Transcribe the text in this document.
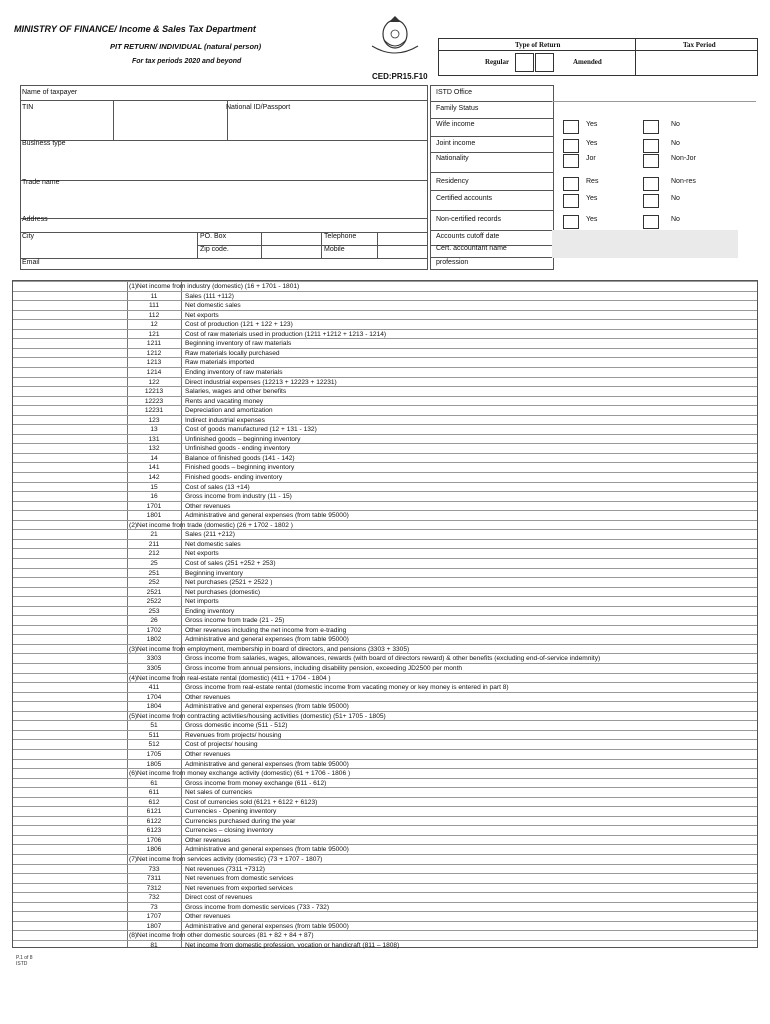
MINISTRY OF FINANCE/ Income & Sales Tax Department
PIT RETURN/ INDIVIDUAL (natural person)
For tax periods 2020 and beyond
CED:PR15.F10
Type of Return	Tax Period
Regular	Amended
Name of taxpayer
TIN	National ID/Passport
Business type
Trade name
Address
City	PO. Box
Zip code.
Telephone
Mobile
Email
ISTD Office
Family Status
Wife income	Yes	No
Joint income	Yes	No
Nationality	Jor	Non-Jor
Residency	Res	Non-res
Certified accounts	Yes	No
Non-certified records	Yes	No
Accounts cutoff date
Cert. accountant name
profession
(1)Net income from industry (domestic) (16 + 1701 - 1801)
11	Sales (111 +112)
111	Net domestic sales
112	Net exports
12	Cost of production (121 + 122 + 123)
121	Cost of raw materials used in production (1211 +1212 + 1213 - 1214)
1211	Beginning inventory of raw materials
1212	Raw materials locally purchased
1213	Raw materials imported
1214	Ending inventory of raw materials
122	Direct industrial expenses (12213 + 12223 + 12231)
12213	Salaries, wages and other benefits
12223	Rents and vacating money
12231	Depreciation and amortization
123	Indirect industrial expenses
13	Cost of goods manufactured (12 + 131 - 132)
131	Unfinished goods – beginning inventory
132	Unfinished goods - ending inventory
14	Balance of finished goods (141 - 142)
141	Finished goods – beginning inventory
142	Finished goods- ending inventory
15	Cost of sales (13 +14)
16	Gross income from industry (11 - 15)
1701	Other revenues
1801	Administrative and general expenses (from table 95000)
(2)Net income from trade (domestic) (26 + 1702 - 1802 )
21	Sales (211 +212)
211	Net domestic sales
212	Net exports
25	Cost of sales (251 +252 + 253)
251	Beginning inventory
252	Net purchases (2521 + 2522 )
2521	Net purchases (domestic)
2522	Net imports
253	Ending inventory
26	Gross income from trade (21 - 25)
1702	Other revenues including the net income from e-trading
1802	Administrative and general expenses (from table 95000)
(3)Net income from employment, membership in board of directors, and pensions (3303 + 3305)
3303	Gross income from salaries, wages, allowances, rewards (with board of directors reward) & other benefits (excluding end-of-service indemnity)
3305	Gross income from annual pensions, including disability pension, exceeding JD2500 per month
(4)Net income from real-estate rental (domestic) (411 + 1704 - 1804 )
411	Gross income from real-estate rental (domestic income from vacating money or key money is entered in part 8)
1704	Other revenues
1804	Administrative and general expenses (from table 95000)
(5)Net income from contracting activities/housing activities (domestic) (51+ 1705 - 1805)
51	Gross domestic income (511 - 512)
511	Revenues from projects/ housing
512	Cost of projects/ housing
1705	Other revenues
1805	Administrative and general expenses (from table 95000)
(6)Net income from money exchange activity (domestic) (61 + 1706 - 1806 )
61	Gross income from money exchange (611 - 612)
611	Net sales of currencies
612	Cost of currencies sold (6121 + 6122 + 6123)
6121	Currencies - Opening inventory
6122	Currencies purchased during the year
6123	Currencies – closing inventory
1706	Other revenues
1806	Administrative and general expenses (from table 95000)
(7)Net income from services activity (domestic) (73 + 1707 - 1807)
733	Net revenues (7311 +7312)
7311	Net revenues from domestic services
7312	Net revenues from exported services
732	Direct cost of revenues
73	Gross income from domestic services (733 - 732)
1707	Other revenues
1807	Administrative and general expenses (from table 95000)
(8)Net income from other domestic sources (81 + 82 + 84 + 87)
81	Net income from domestic profession, vocation or handicraft (811 – 1808)
P.1 of 8
ISTD
